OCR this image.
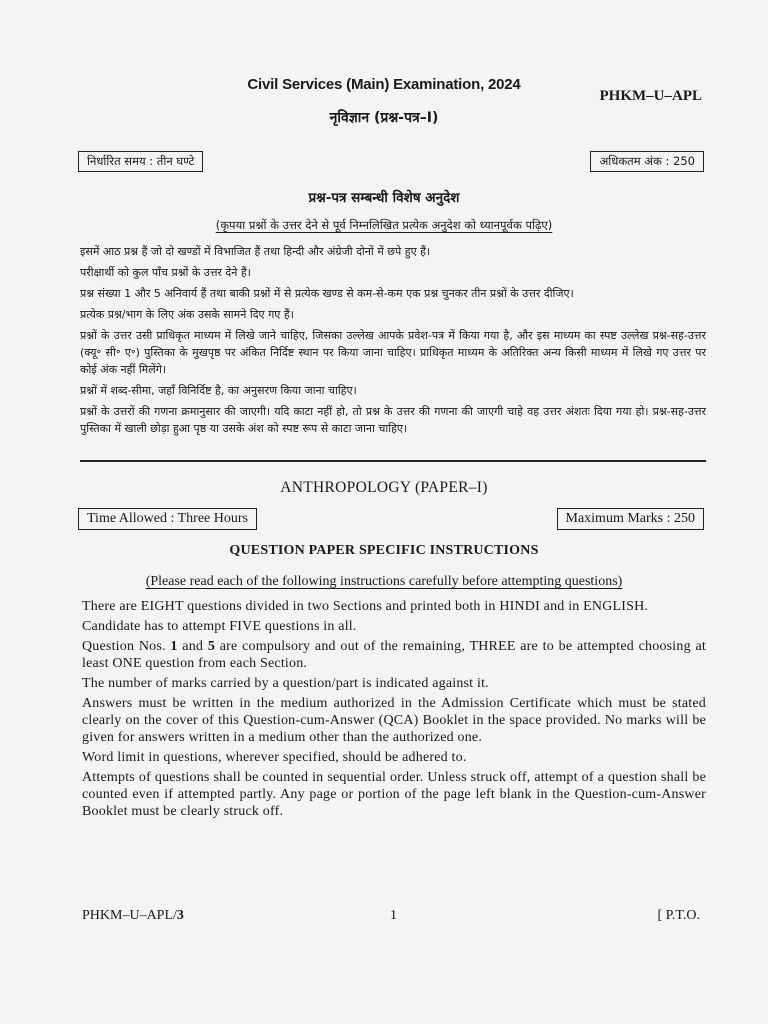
Civil Services (Main) Examination, 2024
PHKM–U–APL
नृविज्ञान (प्रश्न-पत्र–I)
निर्धारित समय : तीन घण्टे	अधिकतम अंक : 250
प्रश्न-पत्र सम्बन्धी विशेष अनुदेश
(कृपया प्रश्नों के उत्तर देने से पूर्व निम्नलिखित प्रत्येक अनुदेश को ध्यानपूर्वक पढ़िए)

इसमें आठ प्रश्न हैं जो दो खण्डों में विभाजित हैं तथा हिन्दी और अंग्रेजी दोनों में छपे हुए हैं।

परीक्षार्थी को कुल पाँच प्रश्नों के उत्तर देने हैं।

प्रश्न संख्या 1 और 5 अनिवार्य हैं तथा बाकी प्रश्नों में से प्रत्येक खण्ड से कम-से-कम एक प्रश्न चुनकर तीन प्रश्नों के उत्तर दीजिए।

प्रत्येक प्रश्न/भाग के लिए अंक उसके सामने दिए गए हैं।

प्रश्नों के उत्तर उसी प्राधिकृत माध्यम में लिखे जाने चाहिए, जिसका उल्लेख आपके प्रवेश-पत्र में किया गया है, और इस माध्यम का स्पष्ट उल्लेख प्रश्न-सह-उत्तर (क्यू॰ सी॰ ए॰) पुस्तिका के मुखपृष्ठ पर अंकित निर्दिष्ट स्थान पर किया जाना चाहिए। प्राधिकृत माध्यम के अतिरिक्त अन्य किसी माध्यम में लिखे गए उत्तर पर कोई अंक नहीं मिलेंगे।

प्रश्नों में शब्द-सीमा, जहाँ विनिर्दिष्ट है, का अनुसरण किया जाना चाहिए।

प्रश्नों के उत्तरों की गणना क्रमानुसार की जाएगी। यदि काटा नहीं हो, तो प्रश्न के उत्तर की गणना की जाएगी चाहे वह उत्तर अंशतः दिया गया हो। प्रश्न-सह-उत्तर पुस्तिका में खाली छोड़ा हुआ पृष्ठ या उसके अंश को स्पष्ट रूप से काटा जाना चाहिए।

ANTHROPOLOGY (PAPER–I)
Time Allowed : Three Hours	Maximum Marks : 250
QUESTION PAPER SPECIFIC INSTRUCTIONS
(Please read each of the following instructions carefully before attempting questions)

There are EIGHT questions divided in two Sections and printed both in HINDI and in ENGLISH.

Candidate has to attempt FIVE questions in all.

Question Nos. 1 and 5 are compulsory and out of the remaining, THREE are to be attempted choosing at least ONE question from each Section.

The number of marks carried by a question/part is indicated against it.

Answers must be written in the medium authorized in the Admission Certificate which must be stated clearly on the cover of this Question-cum-Answer (QCA) Booklet in the space provided. No marks will be given for answers written in a medium other than the authorized one.

Word limit in questions, wherever specified, should be adhered to.

Attempts of questions shall be counted in sequential order. Unless struck off, attempt of a question shall be counted even if attempted partly. Any page or portion of the page left blank in the Question-cum-Answer Booklet must be clearly struck off.

PHKM–U–APL/3	1	[ P.T.O.
